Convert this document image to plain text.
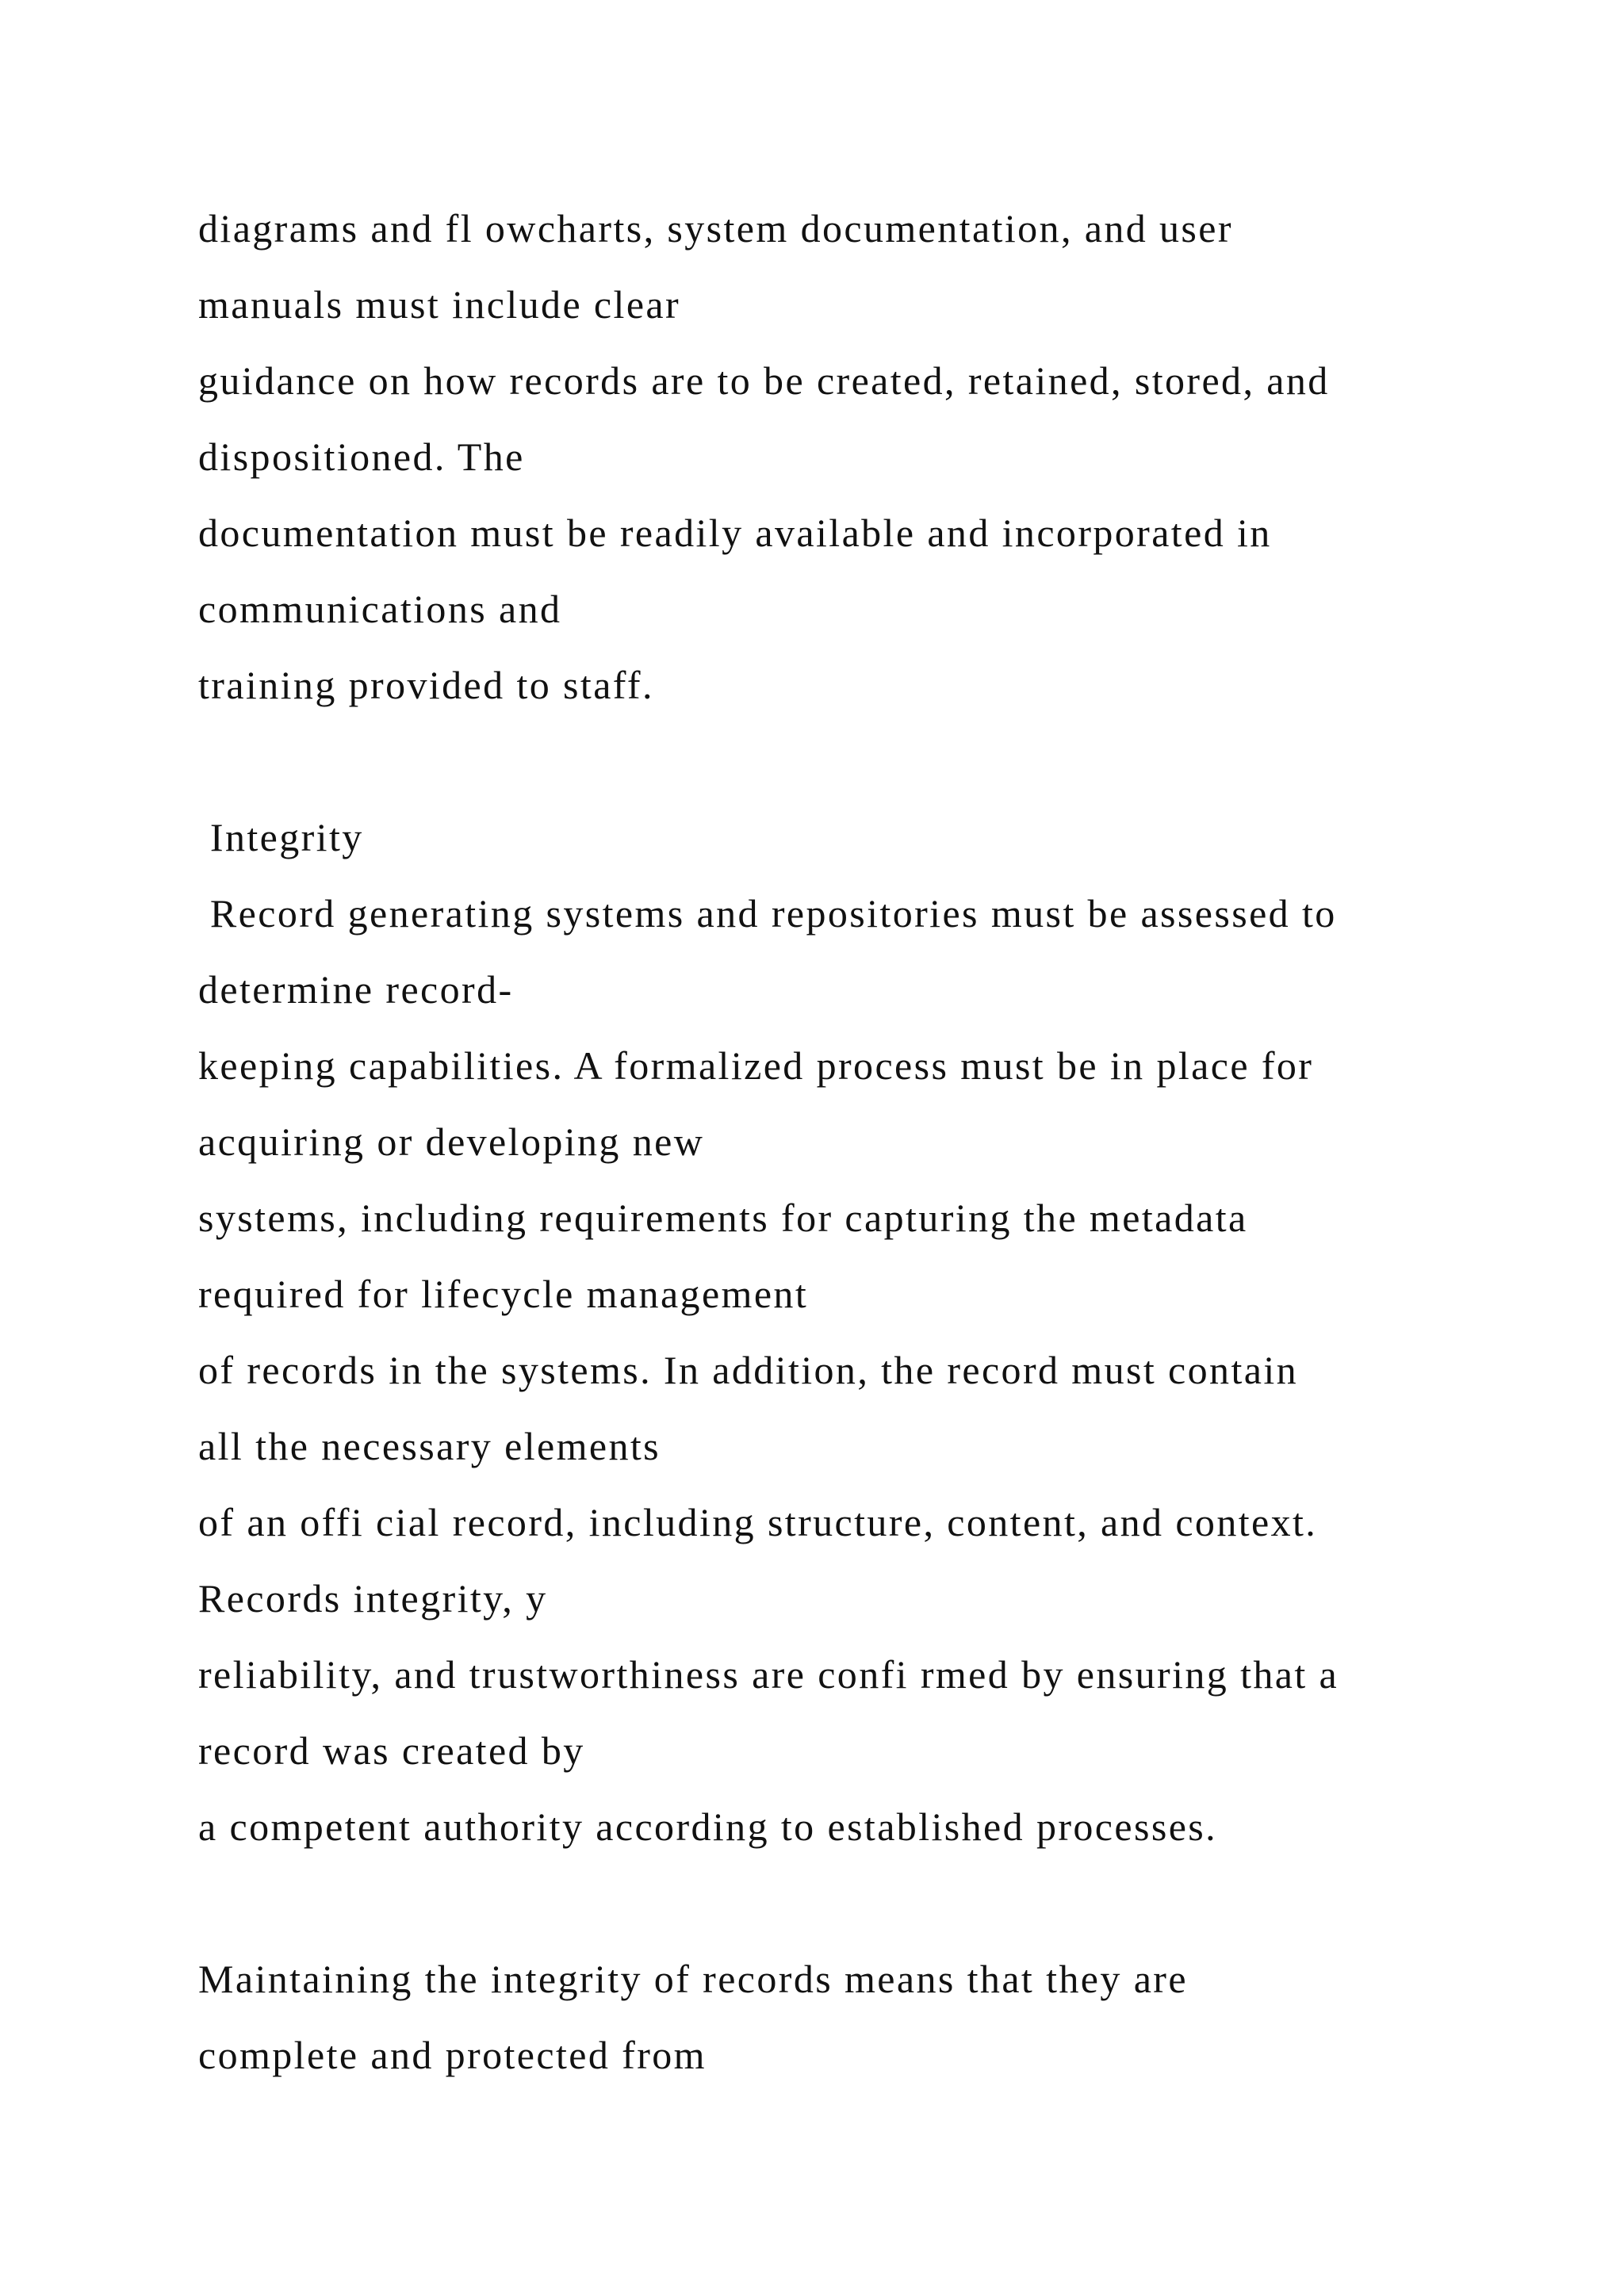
diagrams and fl owcharts, system documentation, and user
manuals must include clear
guidance on how records are to be created, retained, stored, and
dispositioned. The
documentation must be readily available and incorporated in
communications and
training provided to staff.
Integrity
Record generating systems and repositories must be assessed to
determine record-
keeping capabilities. A formalized process must be in place for
acquiring or developing new
systems, including requirements for capturing the metadata
required for lifecycle management
of records in the systems. In addition, the record must contain
all the necessary elements
of an offi cial record, including structure, content, and context.
Records integrity, y
reliability, and trustworthiness are confi rmed by ensuring that a
record was created by
a competent authority according to established processes.
Maintaining the integrity of records means that they are
complete and protected from
